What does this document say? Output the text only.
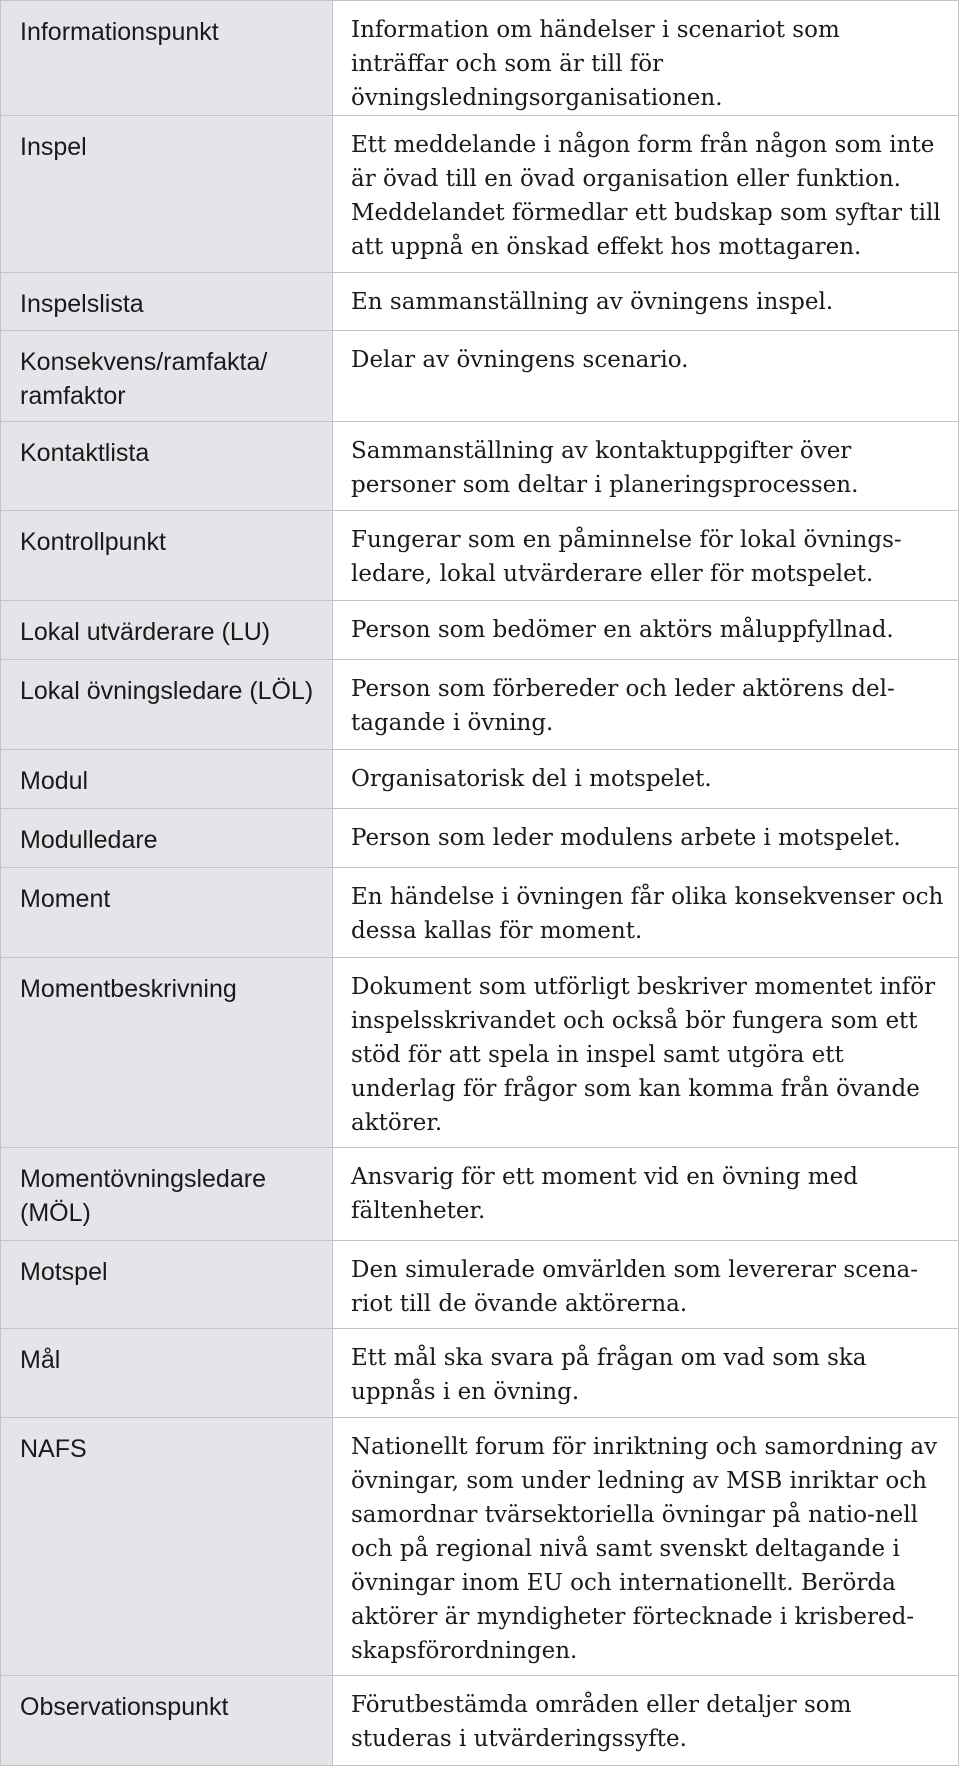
Informationspunkt	Information om händelser i scenariot som inträffar och som är till för övningsledningsorganisationen.

Inspel	Ett meddelande i någon form från någon som inte är övad till en övad organisation eller funktion. Meddelandet förmedlar ett budskap som syftar till att uppnå en önskad effekt hos mottagaren.

Inspelslista	En sammanställning av övningens inspel.

Konsekvens/ramfakta/ ramfaktor	Delar av övningens scenario.

Kontaktlista	Sammanställning av kontaktuppgifter över personer som deltar i planeringsprocessen.

Kontrollpunkt	Fungerar som en påminnelse för lokal övnings-ledare, lokal utvärderare eller för motspelet.

Lokal utvärderare (LU)	Person som bedömer en aktörs måluppfyllnad.

Lokal övningsledare (LÖL)	Person som förbereder och leder aktörens del-tagande i övning.

Modul	Organisatorisk del i motspelet.

Modulledare	Person som leder modulens arbete i motspelet.

Moment	En händelse i övningen får olika konsekvenser och dessa kallas för moment.

Momentbeskrivning	Dokument som utförligt beskriver momentet inför inspelsskrivandet och också bör fungera som ett stöd för att spela in inspel samt utgöra ett underlag för frågor som kan komma från övande aktörer.

Momentövningsledare (MÖL)	Ansvarig för ett moment vid en övning med fältenheter.

Motspel	Den simulerade omvärlden som levererar scena-riot till de övande aktörerna.

Mål	Ett mål ska svara på frågan om vad som ska uppnås i en övning.

NAFS	Nationellt forum för inriktning och samordning av övningar, som under ledning av MSB inriktar och samordnar tvärsektoriella övningar på natio-nell och på regional nivå samt svenskt deltagande i övningar inom EU och internationellt. Berörda aktörer är myndigheter förtecknade i krisbered-skapsförordningen.

Observationspunkt	Förutbestämda områden eller detaljer som studeras i utvärderingssyfte.
